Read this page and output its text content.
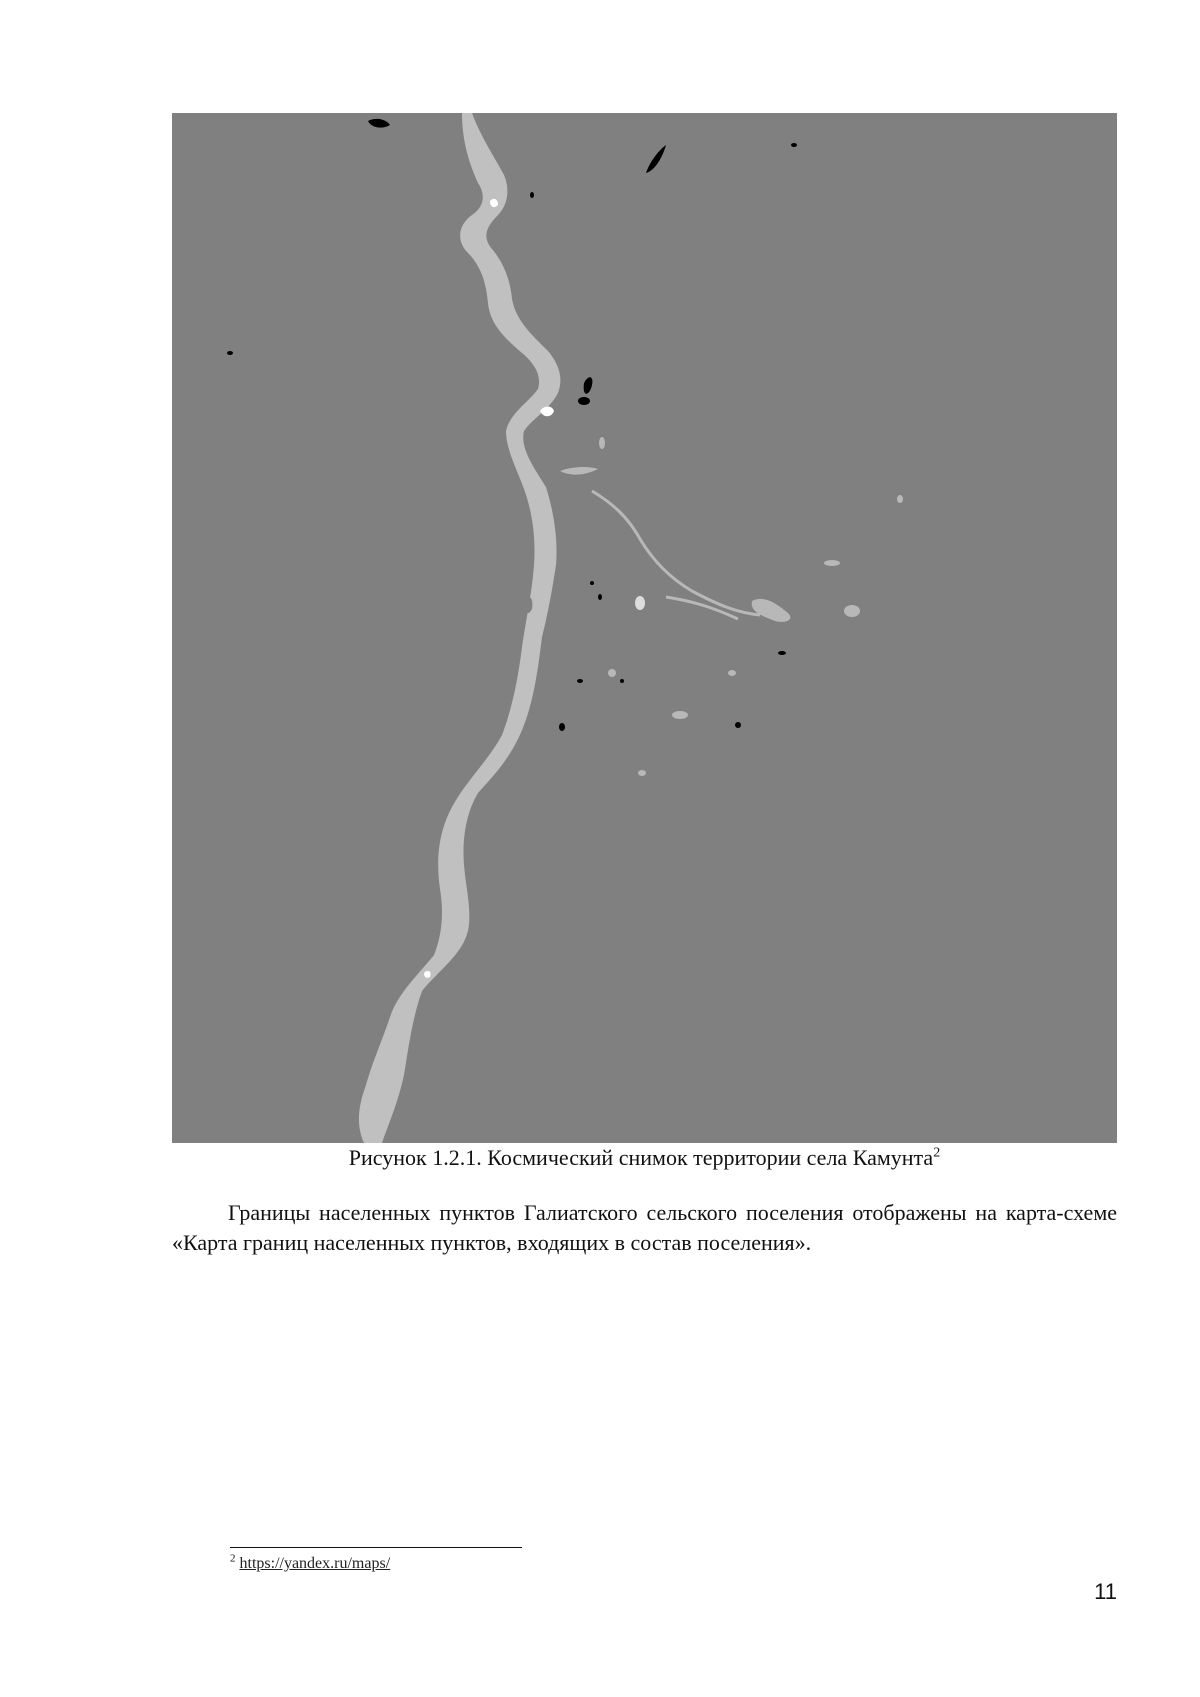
Рисунок 1.2.1. Космический снимок территории села Камунта$^2$

Границы населенных пунктов Галиатского сельского поселения отображены на карта-схеме «Карта границ населенных пунктов, входящих в состав поселения».

$^2$ https://yandex.ru/maps/
11
